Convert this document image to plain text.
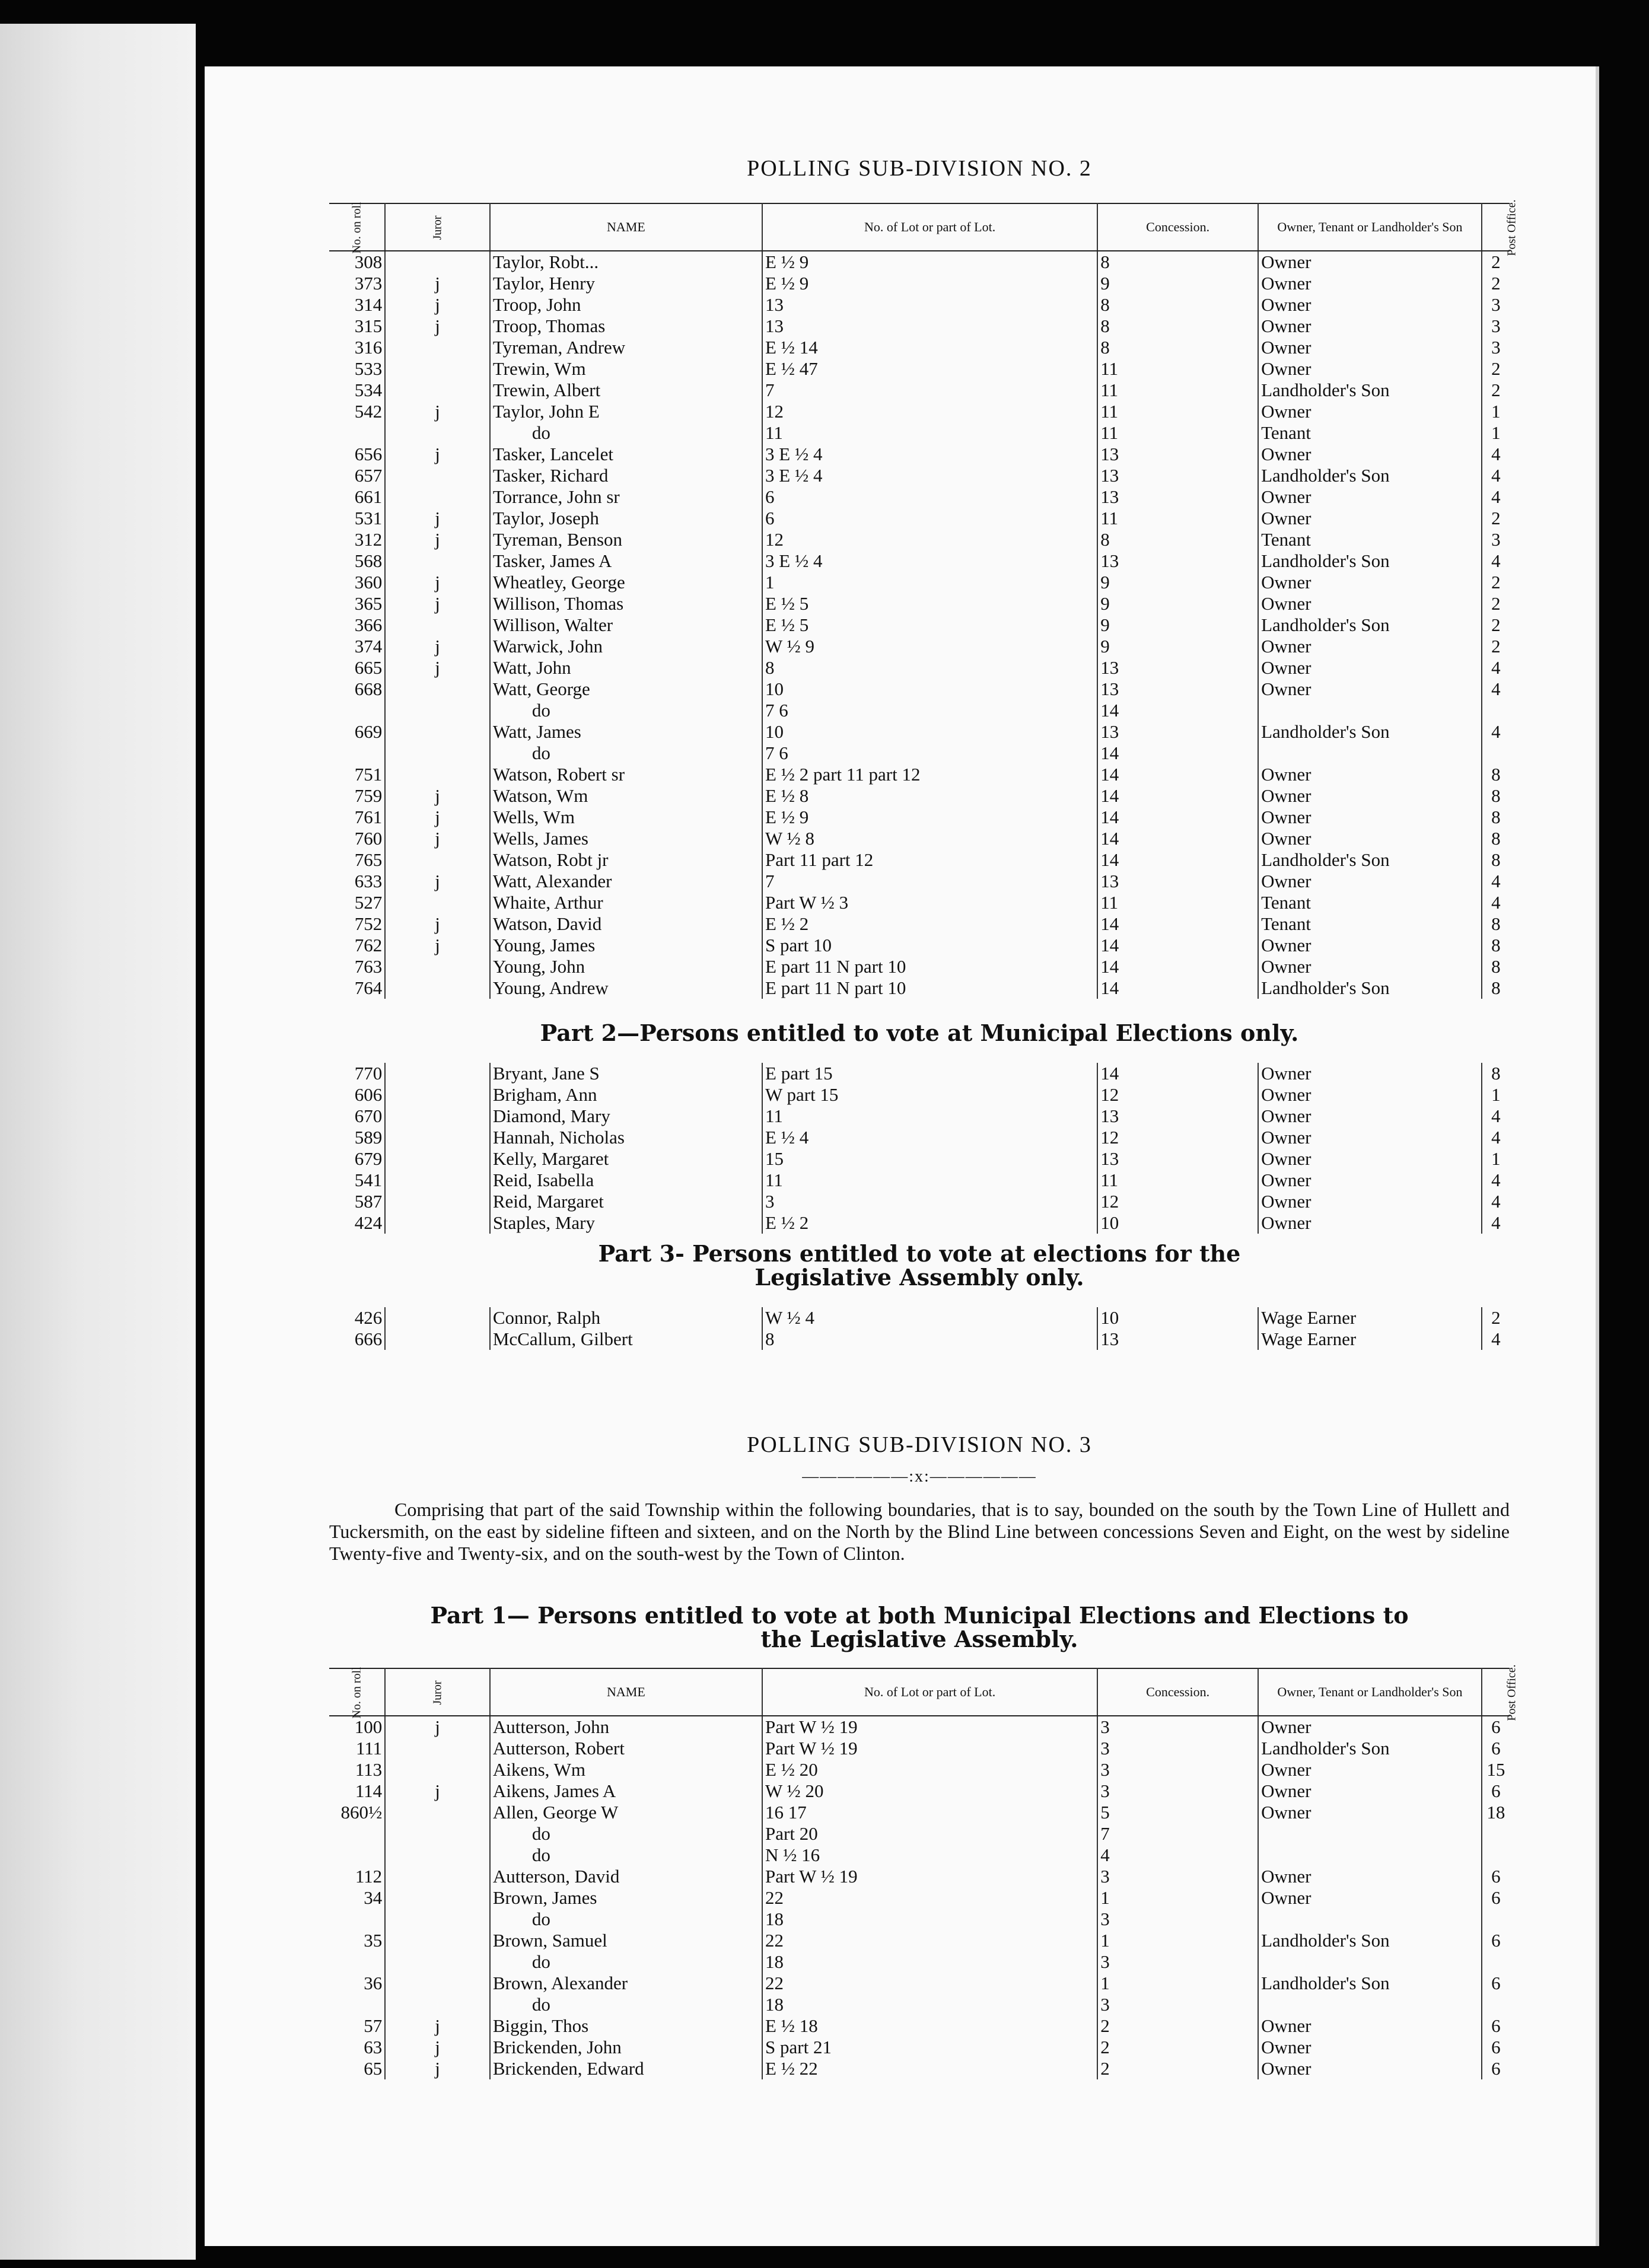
POLLING SUB-DIVISION NO. 2
No. on roll	Juror	NAME	No. of Lot or part of Lot.	Concession.	Owner, Tenant or Landholder's Son	Post Office.
308		Taylor, Robt...	E ½ 9	8	Owner	2
373	j	Taylor, Henry	E ½ 9	9	Owner	2
314	j	Troop, John	13	8	Owner	3
315	j	Troop, Thomas	13	8	Owner	3
316		Tyreman, Andrew	E ½ 14	8	Owner	3
533		Trewin, Wm	E ½ 47	11	Owner	2
534		Trewin, Albert	7	11	Landholder's Son	2
542	j	Taylor, John E	12	11	Owner	1
		do	11	11	Tenant	1
656	j	Tasker, Lancelet	3 E ½ 4	13	Owner	4
657		Tasker, Richard	3 E ½ 4	13	Landholder's Son	4
661		Torrance, John sr	6	13	Owner	4
531	j	Taylor, Joseph	6	11	Owner	2
312	j	Tyreman, Benson	12	8	Tenant	3
568		Tasker, James A	3 E ½ 4	13	Landholder's Son	4
360	j	Wheatley, George	1	9	Owner	2
365	j	Willison, Thomas	E ½ 5	9	Owner	2
366		Willison, Walter	E ½ 5	9	Landholder's Son	2
374	j	Warwick, John	W ½ 9	9	Owner	2
665	j	Watt, John	8	13	Owner	4
668		Watt, George	10	13	Owner	4
		do	7 6	14		
669		Watt, James	10	13	Landholder's Son	4
		do	7 6	14		
751		Watson, Robert sr	E ½ 2 part 11 part 12	14	Owner	8
759	j	Watson, Wm	E ½ 8	14	Owner	8
761	j	Wells, Wm	E ½ 9	14	Owner	8
760	j	Wells, James	W ½ 8	14	Owner	8
765		Watson, Robt jr	Part 11 part 12	14	Landholder's Son	8
633	j	Watt, Alexander	7	13	Owner	4
527		Whaite, Arthur	Part W ½ 3	11	Tenant	4
752	j	Watson, David	E ½ 2	14	Tenant	8
762	j	Young, James	S part 10	14	Owner	8
763		Young, John	E part 11 N part 10	14	Owner	8
764		Young, Andrew	E part 11 N part 10	14	Landholder's Son	8
Part 2—Persons entitled to vote at Municipal Elections only.
770		Bryant, Jane S	E part 15	14	Owner	8
606		Brigham, Ann	W part 15	12	Owner	1
670		Diamond, Mary	11	13	Owner	4
589		Hannah, Nicholas	E ½ 4	12	Owner	4
679		Kelly, Margaret	15	13	Owner	1
541		Reid, Isabella	11	11	Owner	4
587		Reid, Margaret	3	12	Owner	4
424		Staples, Mary	E ½ 2	10	Owner	4
Part 3- Persons entitled to vote at elections for the
Legislative Assembly only.
426		Connor, Ralph	W ½ 4	10	Wage Earner	2
666		McCallum, Gilbert	8	13	Wage Earner	4
POLLING SUB-DIVISION NO. 3
——————:x:——————
Comprising that part of the said Township within the following boundaries, that is to say, bounded on the south by the Town Line of Hullett and Tuckersmith, on the east by sideline fifteen and sixteen, and on the North by the Blind Line between concessions Seven and Eight, on the west by sideline Twenty-five and Twenty-six, and on the south-west by the Town of Clinton.
Part 1— Persons entitled to vote at both Municipal Elections and Elections to
the Legislative Assembly.
No. on roll	Juror	NAME	No. of Lot or part of Lot.	Concession.	Owner, Tenant or Landholder's Son	Post Office.
100	j	Autterson, John	Part W ½ 19	3	Owner	6
111		Autterson, Robert	Part W ½ 19	3	Landholder's Son	6
113		Aikens, Wm	E ½ 20	3	Owner	15
114	j	Aikens, James A	W ½ 20	3	Owner	6
860½		Allen, George W	16 17	5	Owner	18
		do	Part 20	7		
		do	N ½ 16	4		
112		Autterson, David	Part W ½ 19	3	Owner	6
34		Brown, James	22	1	Owner	6
		do	18	3		
35		Brown, Samuel	22	1	Landholder's Son	6
		do	18	3		
36		Brown, Alexander	22	1	Landholder's Son	6
		do	18	3		
57	j	Biggin, Thos	E ½ 18	2	Owner	6
63	j	Brickenden, John	S part 21	2	Owner	6
65	j	Brickenden, Edward	E ½ 22	2	Owner	6
